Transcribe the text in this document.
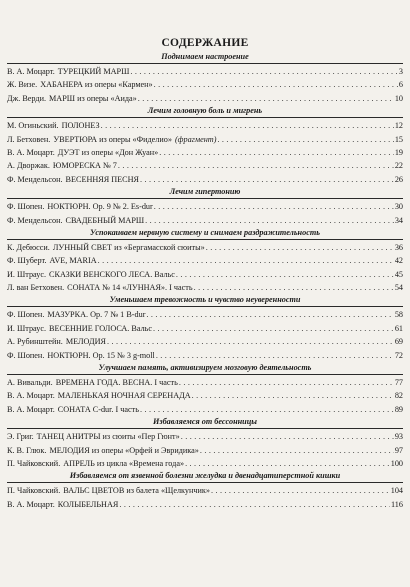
СОДЕРЖАНИЕ
Поднимаем настроение
В. А. Моцарт. ТУРЕЦКИЙ МАРШ . . .	3
Ж. Визе. ХАБАНЕРА из оперы «Кармен» . . .	6
Дж. Верди. МАРШ из оперы «Аида» . . .	10
Лечим головную боль и мигрень
М. Огиньский. ПОЛОНЕЗ . . .	12
Л. Бетховен. УВЕРТЮРА из оперы «Фиделио» (фрагмент) . . .	15
В. А. Моцарт. ДУЭТ из оперы «Дон Жуан» . . .	19
А. Дворжак. ЮМОРЕСКА № 7 . . .	22
Ф. Мендельсон. ВЕСЕННЯЯ ПЕСНЯ . . .	26
Лечим гипертонию
Ф. Шопен. НОКТЮРН. Ор. 9 № 2. Es-dur . . .	30
Ф. Мендельсон. СВАДЕБНЫЙ МАРШ . . .	34
Успокаиваем нервную систему и снимаем раздражительность
К. Дебюсси. ЛУННЫЙ СВЕТ из «Бергамасской сюиты» . . .	36
Ф. Шуберт. AVE, MARIA . . .	42
И. Штраус. СКАЗКИ ВЕНСКОГО ЛЕСА. Вальс . . .	45
Л. ван Бетховен. СОНАТА № 14 «ЛУННАЯ». I часть . . .	54
Уменьшаем тревожность и чувство неуверенности
Ф. Шопен. МАЗУРКА. Ор. 7 № 1 B-dur . . .	58
И. Штраус. ВЕСЕННИЕ ГОЛОСА. Вальс . . .	61
А. Рубинштейн. МЕЛОДИЯ . . .	69
Ф. Шопен. НОКТЮРН. Ор. 15 № 3 g-moll . . .	72
Улучшаем память, активизируем мозговую деятельность
А. Вивальди. ВРЕМЕНА ГОДА. ВЕСНА. I часть . . .	77
В. А. Моцарт. МАЛЕНЬКАЯ НОЧНАЯ СЕРЕНАДА . . .	82
В. А. Моцарт. СОНАТА C-dur. I часть . . .	89
Избавляемся от бессонницы
Э. Григ. ТАНЕЦ АНИТРЫ из сюиты «Пер Гюнт» . . .	93
К. В. Глюк. МЕЛОДИЯ из оперы «Орфей и Эвридика» . . .	97
П. Чайковский. АПРЕЛЬ из цикла «Времена года» . . .	100
Избавляемся от язвенной болезни желудка и двенадцатиперстной кишки
П. Чайковский. ВАЛЬС ЦВЕТОВ из балета «Щелкунчик» . . .	104
В. А. Моцарт. КОЛЫБЕЛЬНАЯ . . .	116
